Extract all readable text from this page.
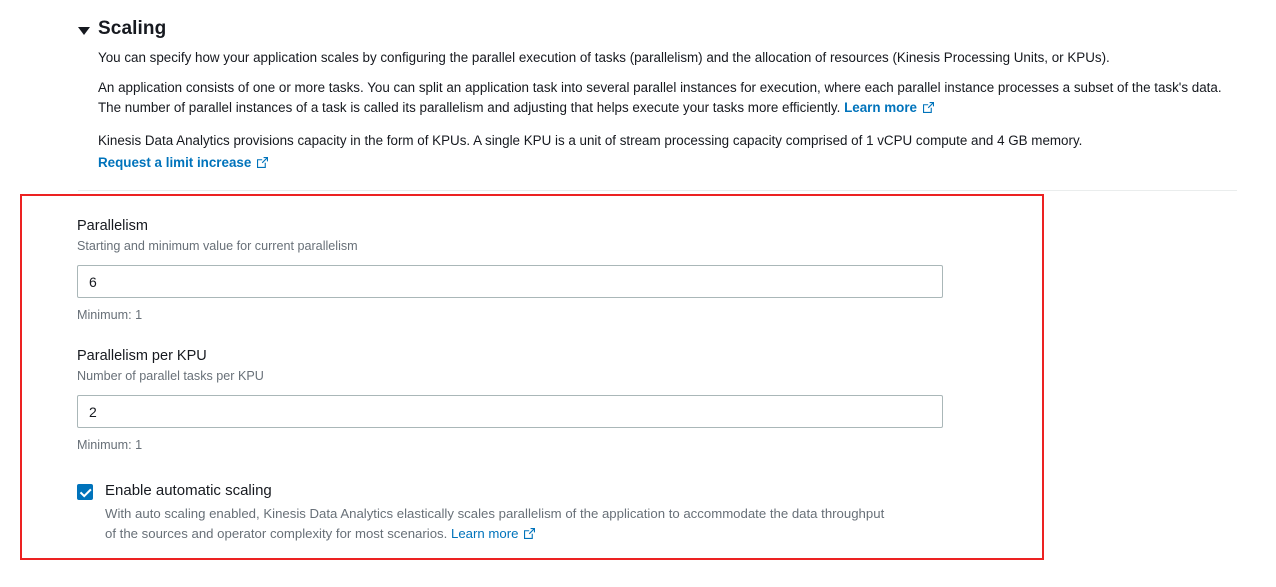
Scaling
You can specify how your application scales by configuring the parallel execution of tasks (parallelism) and the allocation of resources (Kinesis Processing Units, or KPUs).
An application consists of one or more tasks. You can split an application task into several parallel instances for execution, where each parallel instance processes a subset of the task's data. The number of parallel instances of a task is called its parallelism and adjusting that helps execute your tasks more efficiently. Learn more
Kinesis Data Analytics provisions capacity in the form of KPUs. A single KPU is a unit of stream processing capacity comprised of 1 vCPU compute and 4 GB memory.
Request a limit increase
Parallelism
Starting and minimum value for current parallelism
6
Minimum: 1
Parallelism per KPU
Number of parallel tasks per KPU
2
Minimum: 1
Enable automatic scaling
With auto scaling enabled, Kinesis Data Analytics elastically scales parallelism of the application to accommodate the data throughput of the sources and operator complexity for most scenarios. Learn more
